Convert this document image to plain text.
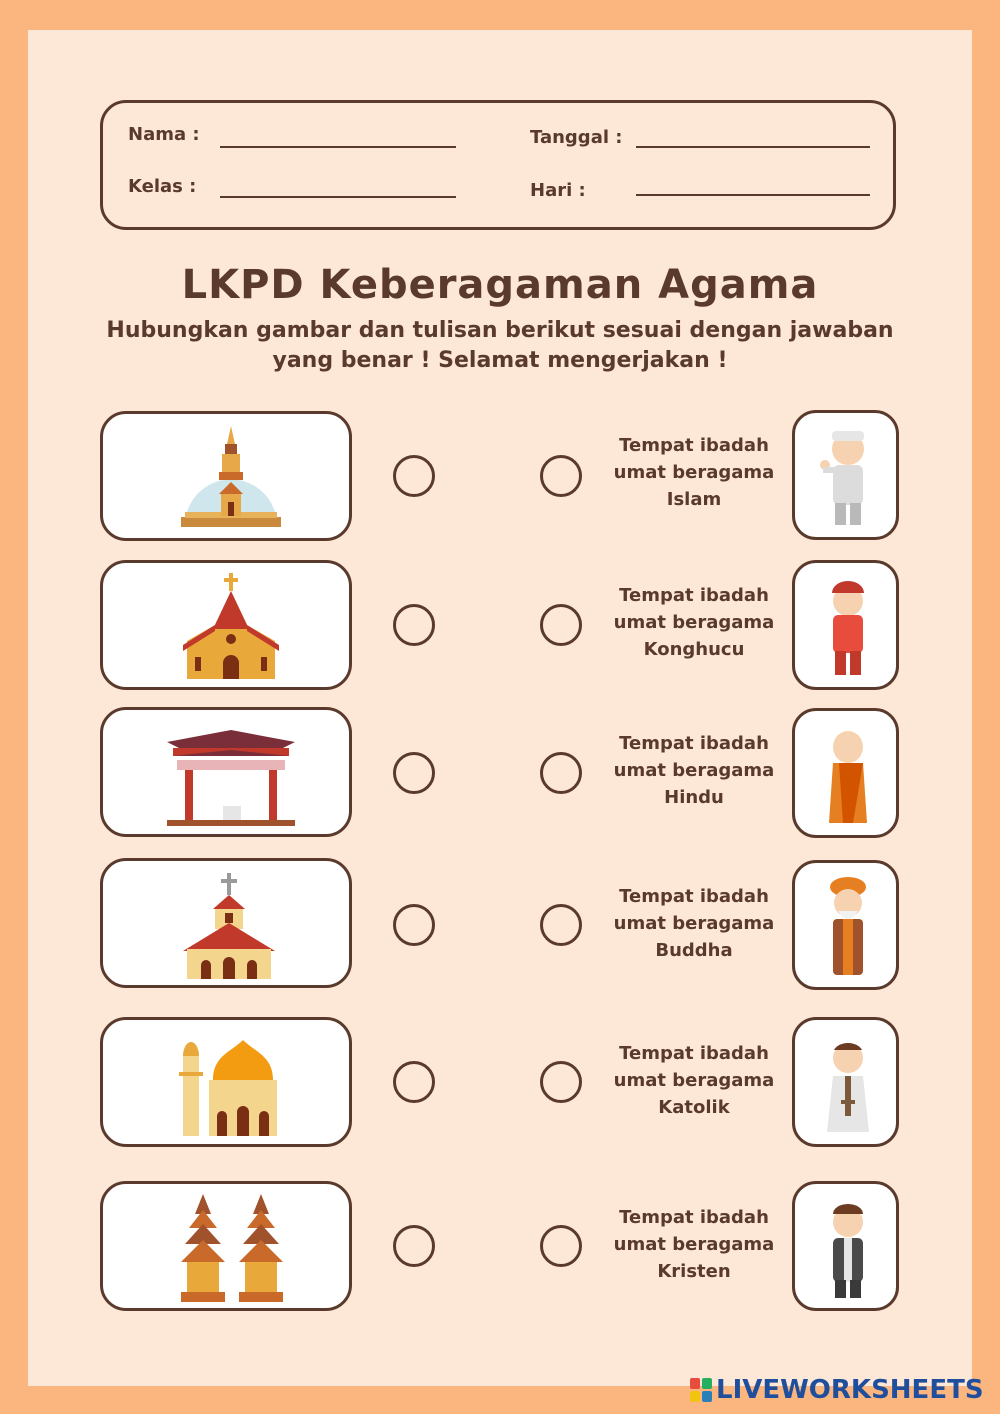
Nama :
Kelas :
Tanggal :
Hari :
LKPD Keberagaman Agama
Hubungkan gambar dan tulisan berikut sesuai dengan jawaban
yang benar ! Selamat mengerjakan !
Tempat ibadah
umat beragama
Islam
Tempat ibadah
umat beragama
Konghucu
Tempat ibadah
umat beragama
Hindu
Tempat ibadah
umat beragama
Buddha
Tempat ibadah
umat beragama
Katolik
Tempat ibadah
umat beragama
Kristen
LIVEWORKSHEETS
